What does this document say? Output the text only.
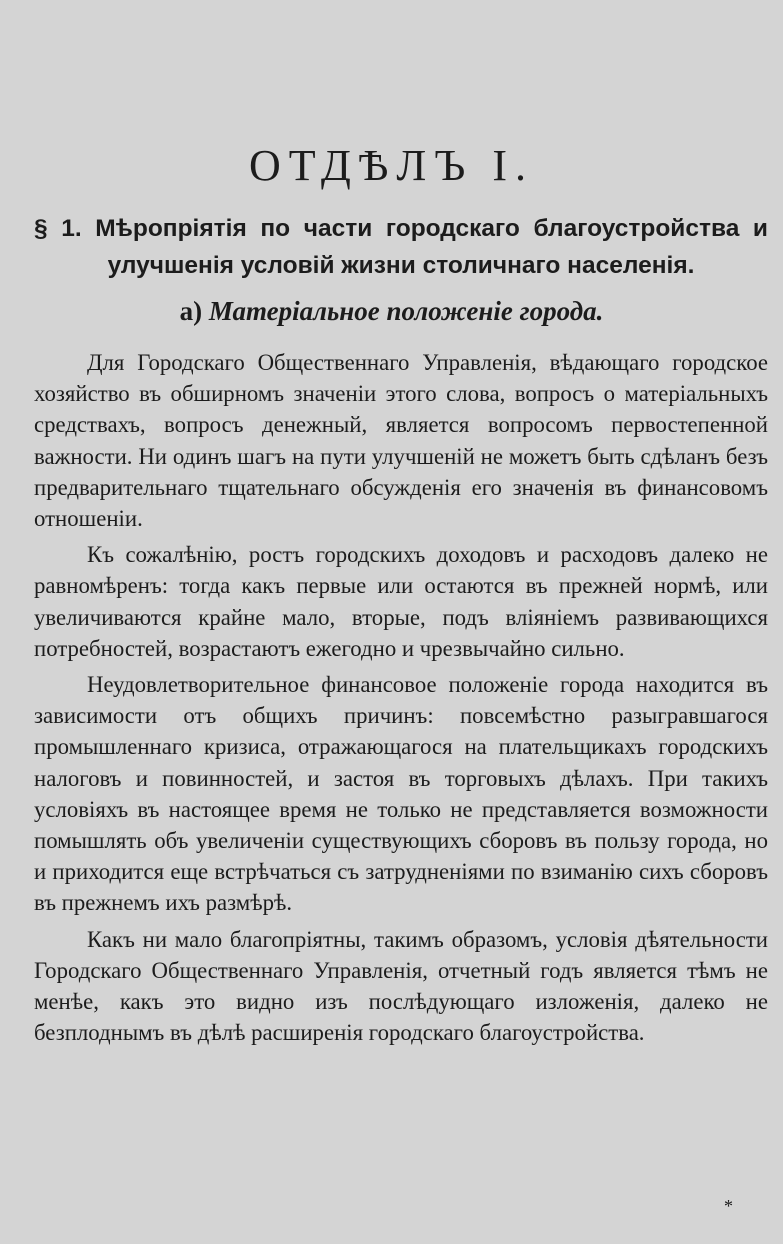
ОТДѢЛЪ I.
§ 1. Мѣропріятія по части городскаго благоустройства и улучшенія условій жизни столичнаго населенія.
а) Матеріальное положеніе города.

Для Городскаго Общественнаго Управленія, вѣдающаго городское хозяйство въ обширномъ значеніи этого слова, вопросъ о матеріальныхъ средствахъ, вопросъ денежный, является вопросомъ первостепенной важности. Ни одинъ шагъ на пути улучшеній не можетъ быть сдѣланъ безъ предварительнаго тщательнаго обсужденія его значенія въ финансовомъ отношеніи.

Къ сожалѣнію, ростъ городскихъ доходовъ и расходовъ далеко не равномѣренъ: тогда какъ первые или остаются въ прежней нормѣ, или увеличиваются крайне мало, вторые, подъ вліяніемъ развивающихся потребностей, возрастаютъ ежегодно и чрезвычайно сильно.

Неудовлетворительное финансовое положеніе города находится въ зависимости отъ общихъ причинъ: повсемѣстно разыгравшагося промышленнаго кризиса, отражающагося на плательщикахъ городскихъ налоговъ и повинностей, и застоя въ торговыхъ дѣлахъ. При такихъ условіяхъ въ настоящее время не только не представляется возможности помышлять объ увеличеніи существующихъ сборовъ въ пользу города, но и приходится еще встрѣчаться съ затрудненіями по взиманію сихъ сборовъ въ прежнемъ ихъ размѣрѣ.

Какъ ни мало благопріятны, такимъ образомъ, условія дѣятельности Городскаго Общественнаго Управленія, отчетный годъ является тѣмъ не менѣе, какъ это видно изъ послѣдующаго изложенія, далеко не безплоднымъ въ дѣлѣ расширенія городскаго благоустройства.

*
